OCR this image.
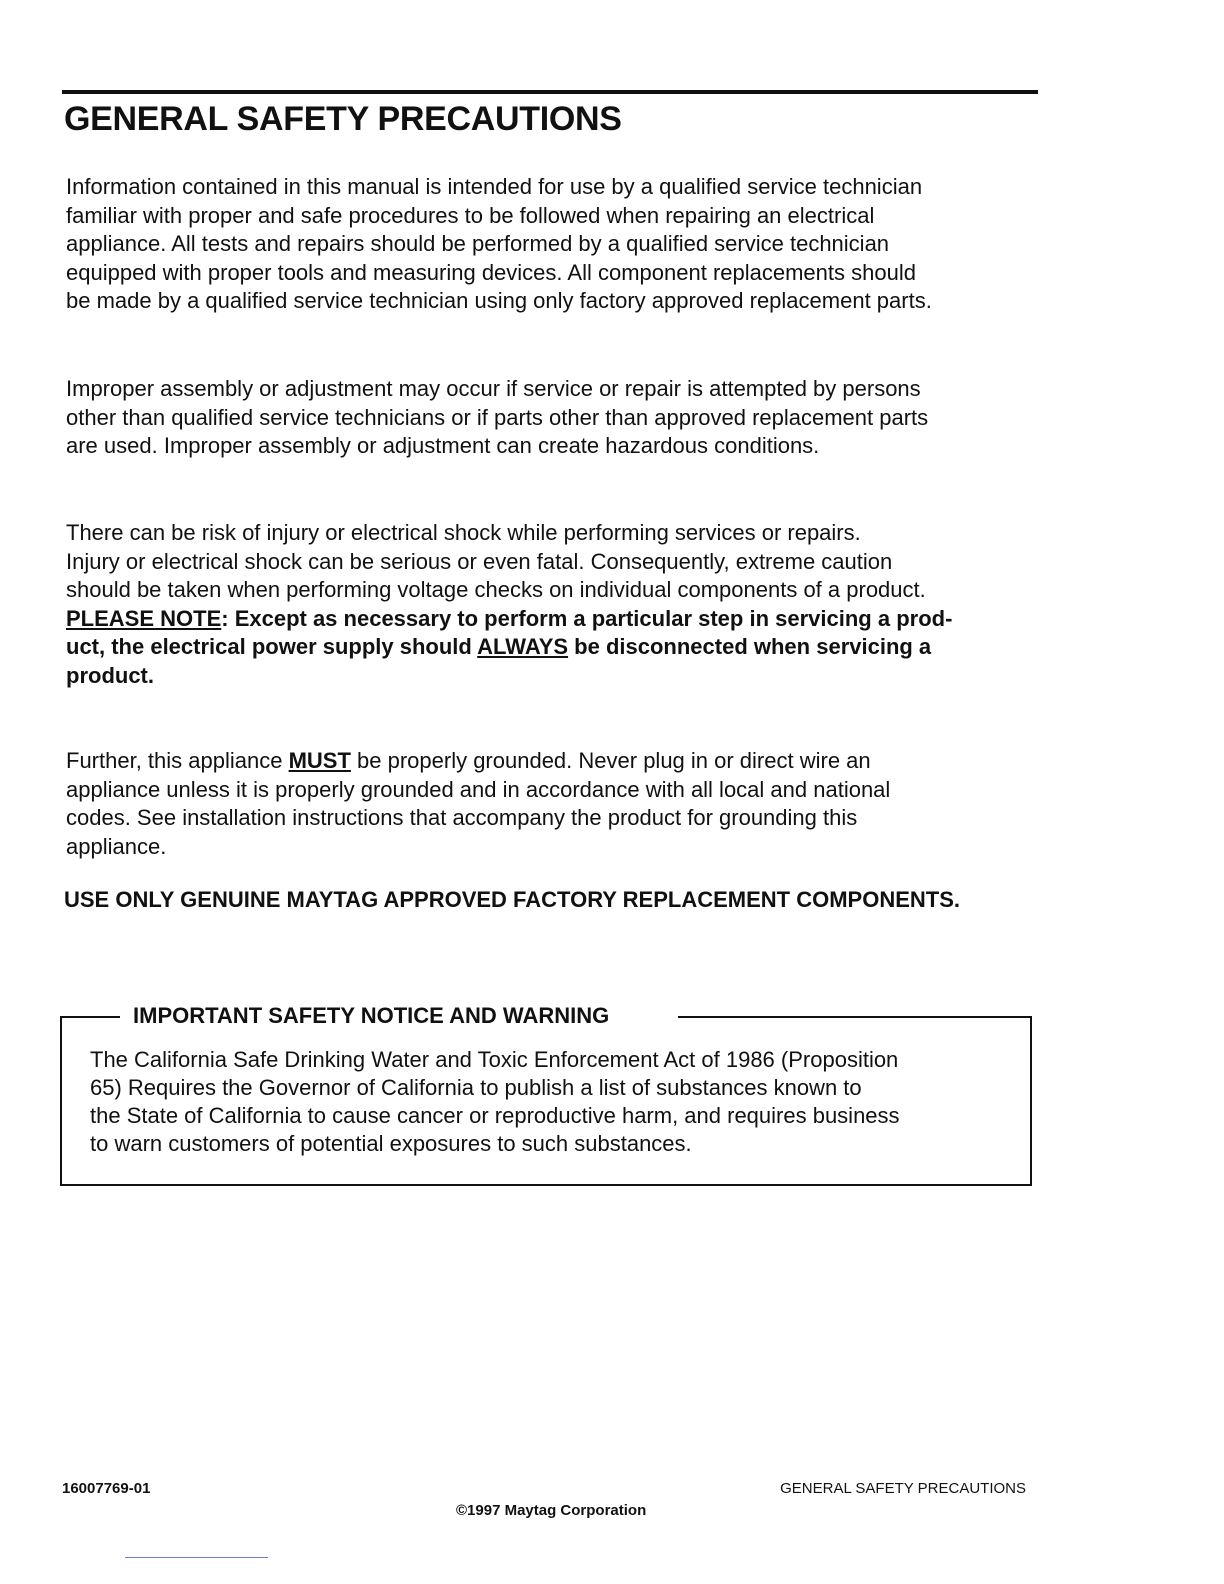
GENERAL SAFETY PRECAUTIONS
Information contained in this manual is intended for use by a qualified service technician
familiar with proper and safe procedures to be followed when repairing an electrical
appliance. All tests and repairs should be performed by a qualified service technician
equipped with proper tools and measuring devices. All component replacements should
be made by a qualified service technician using only factory approved replacement parts.
Improper assembly or adjustment may occur if service or repair is attempted by persons
other than qualified service technicians or if parts other than approved replacement parts
are used. Improper assembly or adjustment can create hazardous conditions.
There can be risk of injury or electrical shock while performing services or repairs.
Injury or electrical shock can be serious or even fatal. Consequently, extreme caution
should be taken when performing voltage checks on individual components of a product.
PLEASE NOTE: Except as necessary to perform a particular step in servicing a prod-
uct, the electrical power supply should ALWAYS be disconnected when servicing a
product.
Further, this appliance MUST be properly grounded. Never plug in or direct wire an
appliance unless it is properly grounded and in accordance with all local and national
codes. See installation instructions that accompany the product for grounding this
appliance.
USE ONLY GENUINE MAYTAG APPROVED FACTORY REPLACEMENT COMPONENTS.
IMPORTANT SAFETY NOTICE AND WARNING
The California Safe Drinking Water and Toxic Enforcement Act of 1986 (Proposition
65) Requires the Governor of California to publish a list of substances known to
the State of California to cause cancer or reproductive harm, and requires business
to warn customers of potential exposures to such substances.
16007769-01	GENERAL SAFETY PRECAUTIONS
©1997 Maytag Corporation
